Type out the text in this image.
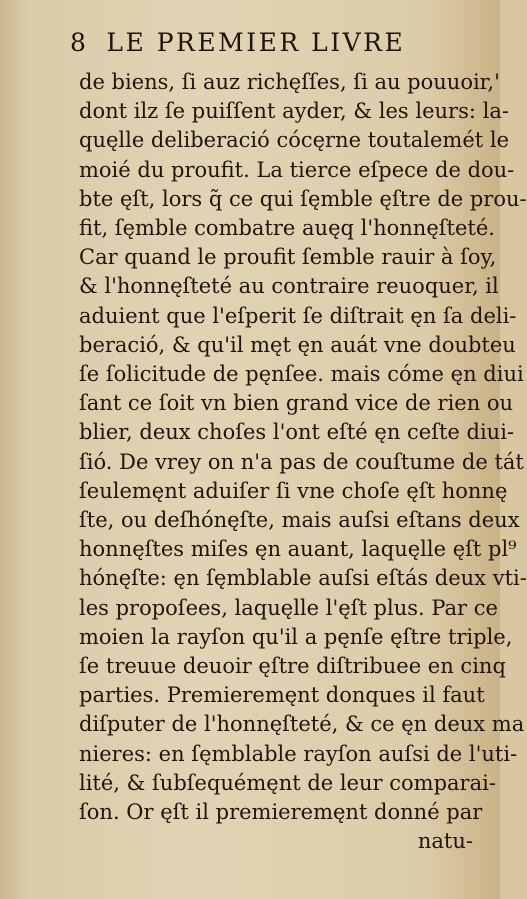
8 LE PREMIER LIVRE
de biens, ſi auz richęſſes, ſi au pouuoir,'
dont ilz ſe puiſſent ayder, & les leurs: la-
quęlle deliberació cócęrne toutalemét le
moié du proufit. La tierce eſpece de dou-
bte ęſt, lors q̃ ce qui ſęmble ęſtre de prou-
fit, ſęmble combatre auęq l'honnęſteté.
Car quand le proufit ſemble rauir à ſoy,
& l'honnęſteté au contraire reuoquer, il
aduient que l'eſperit ſe diſtrait ęn ſa deli-
beració, & qu'il męt ęn auát vne doubteu
ſe ſolicitude de pęnſee. mais cóme ęn diui
ſant ce ſoit vn bien grand vice de rien ou
blier, deux choſes l'ont eſté ęn ceſte diui-
ſió. De vrey on n'a pas de couſtume de tát
ſeulemęnt aduiſer ſi vne choſe ęſt honnę
ſte, ou deſhónęſte, mais auſsi eſtans deux
honnęſtes miſes ęn auant, laquęlle ęſt pl⁹
hónęſte: ęn ſęmblable auſsi eſtás deux vti-
les propoſees, laquęlle l'ęſt plus. Par ce
moien la rayſon qu'il a pęnſe ęſtre triple,
ſe treuue deuoir ęſtre diſtribuee en cinq
parties. Premieremęnt donques il faut
diſputer de l'honnęſteté, & ce ęn deux ma
nieres: en ſęmblable rayſon auſsi de l'uti-
lité, & ſubſequémęnt de leur comparai-
ſon. Or ęſt il premieremęnt donné par
natu-
